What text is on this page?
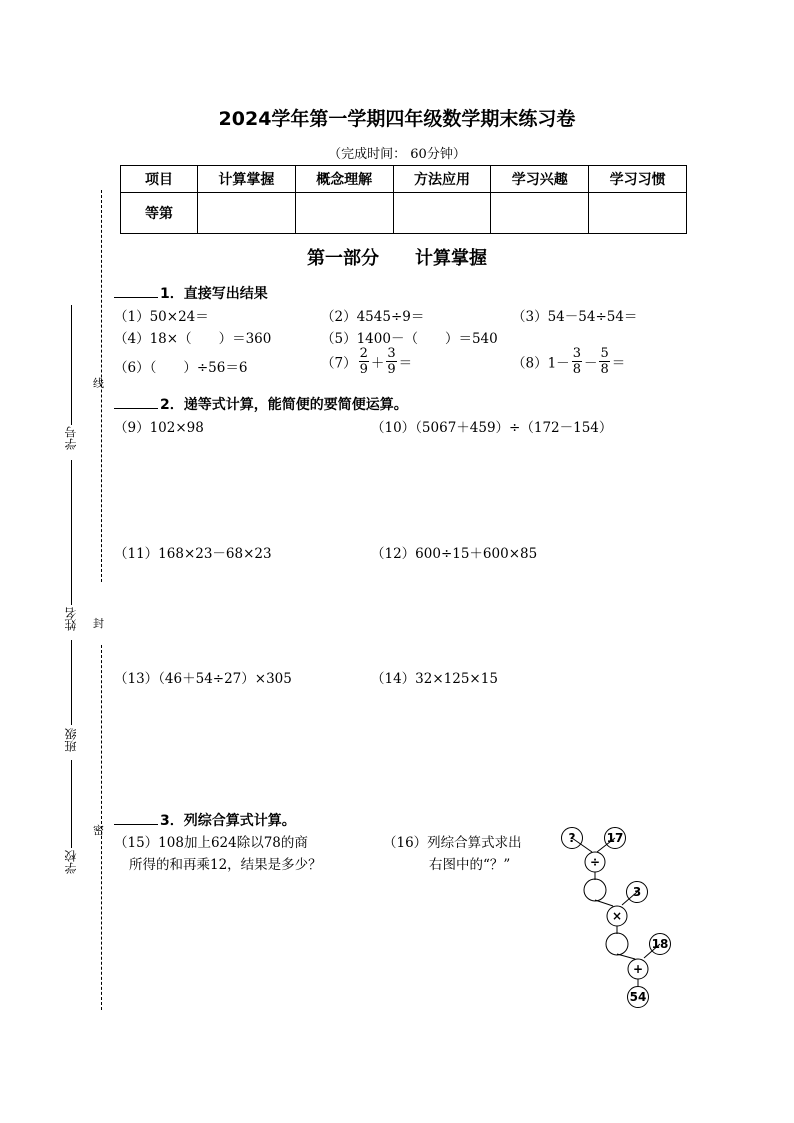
线
封
密
学号
姓名
班级
学校
2024学年第一学期四年级数学期末练习卷
（完成时间： 60分钟）
项目	计算掌握	概念理解	方法应用	学习兴趣	学习习惯
等第					
第一部分　　计算掌握
1．直接写出结果
（1）50×24＝	（2）4545÷9＝	（3）54－54÷54＝
（4）18×（　　）＝360	（5）1400－（　　）＝540
（6）（　　）÷56＝6	$(7) \frac{2}{9} + \frac{3}{9}$ ＝	$(8)1- \frac{3}{8} - \frac{5}{8}$ ＝
2．递等式计算，能简便的要简便运算。
（9）102×98	（10）（5067＋459）÷（172－154）
（11）168×23－68×23	（12）600÷15＋600×85
（13）（46＋54÷27）×305	（14）32×125×15
3．列综合算式计算。
（15）108加上624除以78的商
所得的和再乘12，结果是多少？
（16）列综合算式求出
右图中的“？”
?	17
÷
3
×
18
+
54
